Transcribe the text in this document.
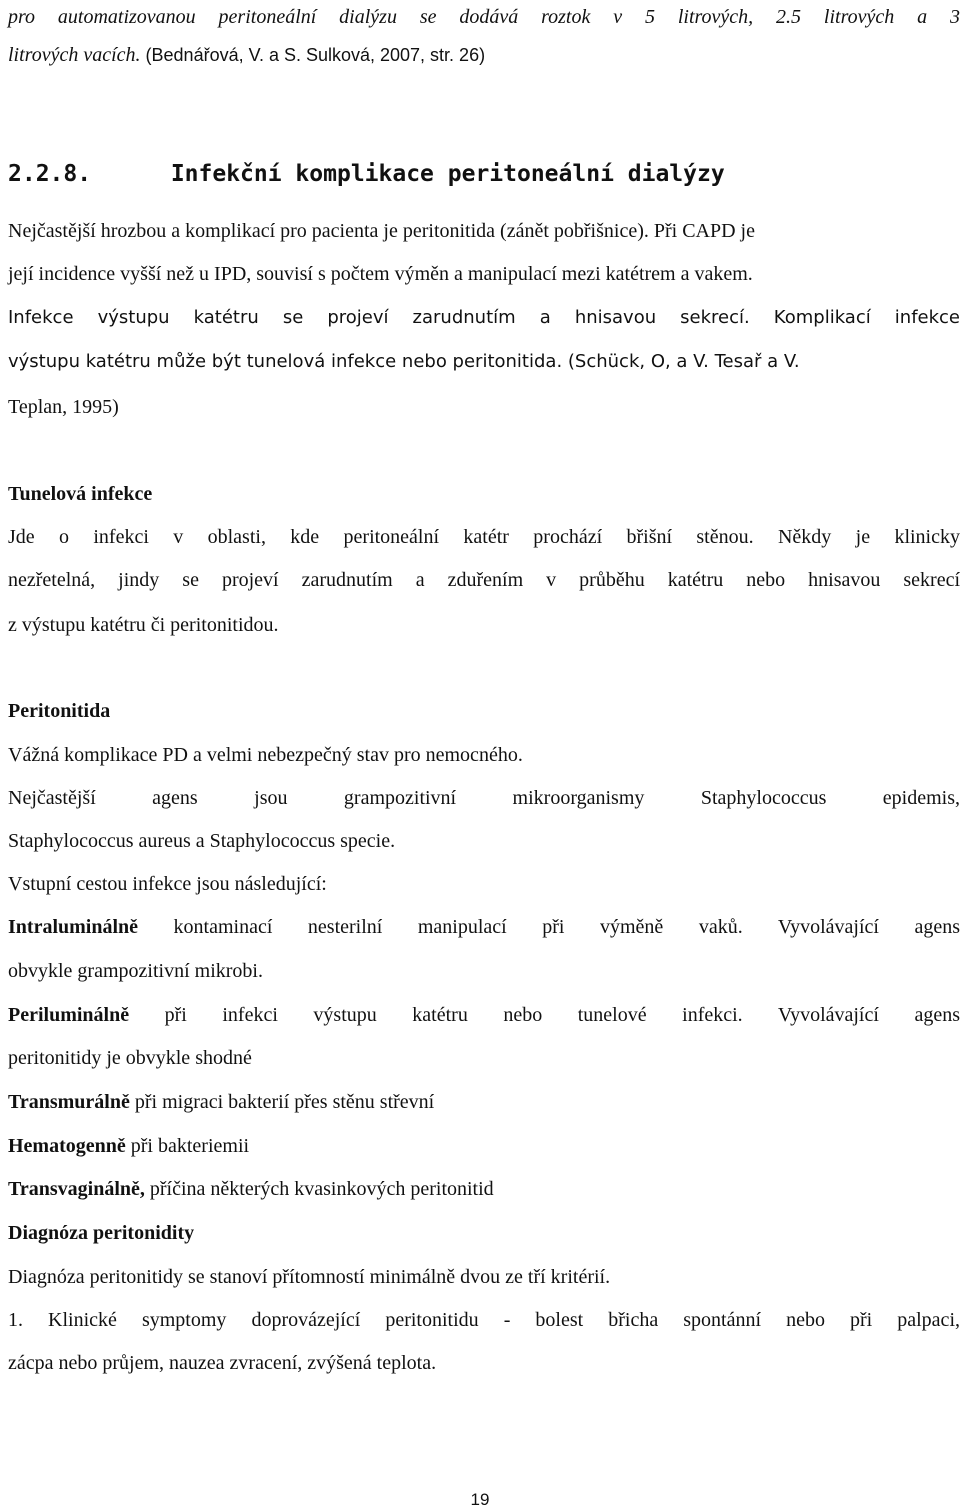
pro automatizovanou peritoneální dialýzu se dodává roztok v 5 litrových, 2.5 litrových a 3
litrových vacích. (Bednářová, V. a S. Sulková, 2007, str. 26)
2.2.8.	Infekční komplikace peritoneální dialýzy
Nejčastější hrozbou a komplikací pro pacienta je peritonitida (zánět pobřišnice). Při CAPD je
její incidence vyšší než u IPD, souvisí s počtem výměn a manipulací mezi katétrem a vakem.
Infekce výstupu katétru se projeví zarudnutím a hnisavou sekrecí. Komplikací infekce
výstupu katétru může být tunelová infekce nebo peritonitida. (Schück, O, a V. Tesař a V.
Teplan, 1995)
Tunelová infekce
Jde o infekci v oblasti, kde peritoneální katétr prochází břišní stěnou. Někdy je klinicky
nezřetelná, jindy se projeví zarudnutím a zduřením v průběhu katétru nebo hnisavou sekrecí
z výstupu katétru či peritonitidou.
Peritonitida
Vážná komplikace PD a velmi nebezpečný stav pro nemocného.
Nejčastější agens jsou grampozitivní mikroorganismy Staphylococcus epidemis,
Staphylococcus aureus a Staphylococcus specie.
Vstupní cestou infekce jsou následující:
Intraluminálně kontaminací nesterilní manipulací při výměně vaků. Vyvolávající agens
obvykle grampozitivní mikrobi.
Periluminálně při infekci výstupu katétru nebo tunelové infekci. Vyvolávající agens
peritonitidy je obvykle shodné
Transmurálně při migraci bakterií přes stěnu střevní
Hematogenně při bakteriemii
Transvaginálně, příčina některých kvasinkových peritonitid
Diagnóza peritonidity
Diagnóza peritonitidy se stanoví přítomností minimálně dvou ze tří kritérií.
1. Klinické symptomy doprovázející peritonitidu - bolest břicha spontánní nebo při palpaci,
zácpa nebo průjem, nauzea zvracení, zvýšená teplota.
19
